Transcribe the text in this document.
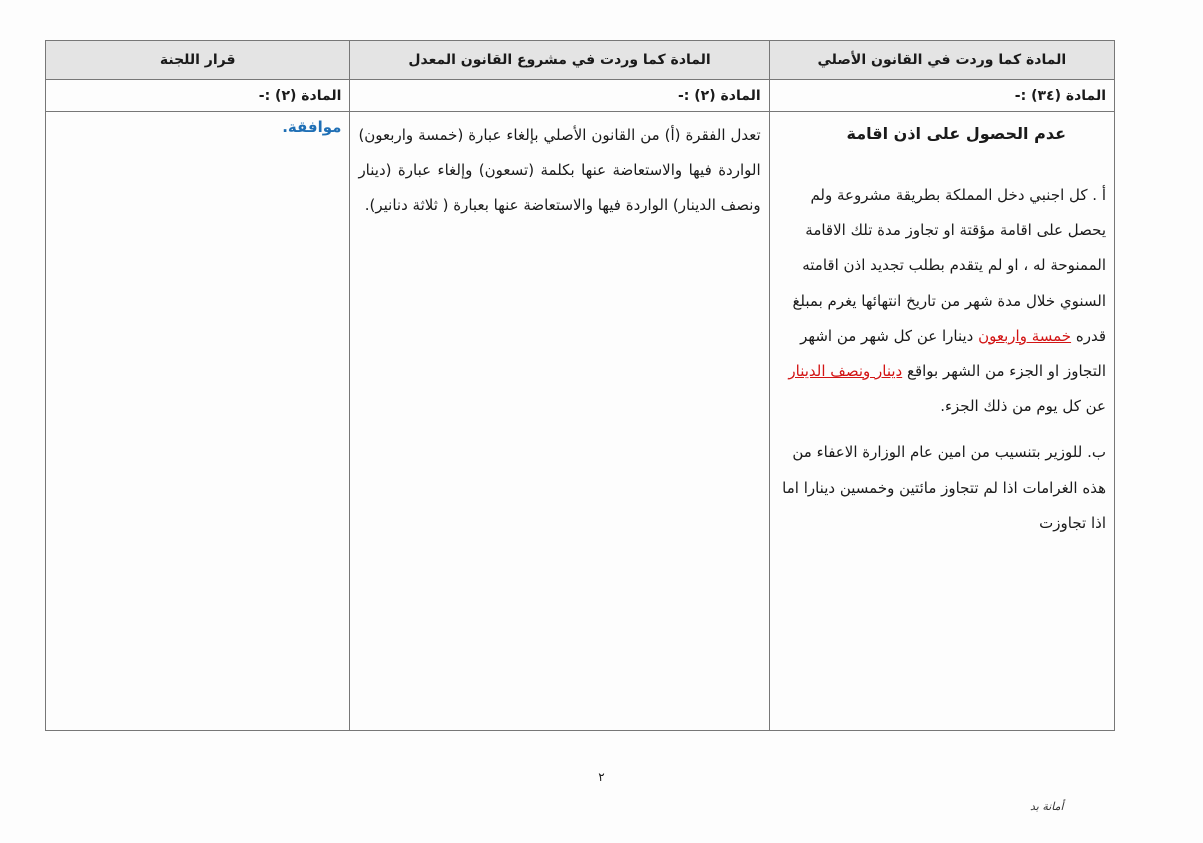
المادة كما وردت في القانون الأصلي
المادة كما وردت في مشروع القانون المعدل
قرار اللجنة
المادة (٣٤) :-
المادة (٢) :-
المادة (٢) :-
عدم الحصول على اذن اقامة
أ . كل اجنبي دخل المملكة بطريقة مشروعة ولم يحصل على اقامة مؤقتة او تجاوز مدة تلك الاقامة الممنوحة له ، او لم يتقدم بطلب تجديد اذن اقامته السنوي خلال مدة شهر من تاريخ انتهائها يغرم بمبلغ قدره خمسة واربعون دينارا عن كل شهر من اشهر التجاوز او الجزء من الشهر بواقع دينار ونصف الدينار عن كل يوم من ذلك الجزء.
ب. للوزير بتنسيب من امين عام الوزارة الاعفاء من هذه الغرامات اذا لم تتجاوز مائتين وخمسين دينارا اما اذا تجاوزت
تعدل الفقرة (أ) من القانون الأصلي بإلغاء عبارة (خمسة واربعون) الواردة فيها والاستعاضة عنها بكلمة (تسعون) وإلغاء عبارة (دينار ونصف الدينار) الواردة فيها والاستعاضة عنها بعبارة ( ثلاثة دنانير).
موافقة.
٢
أمانة بد
